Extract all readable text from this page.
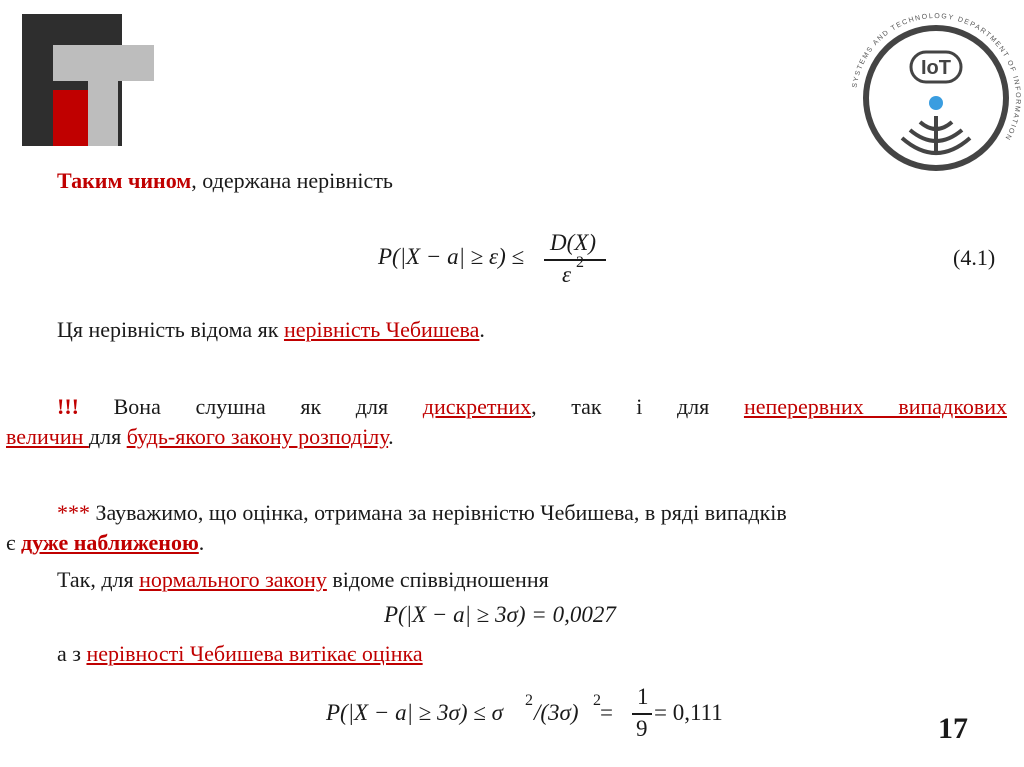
IoT
SYSTEMS AND TECHNOLOGY DEPARTMENT OF INFORMATION
Таким чином, одержана нерівність
P(|X − a| ≥ ε) ≤
D(X)
ε 2	(4.1)
Ця нерівність відома як нерівність Чебишева.
!!! Вона слушна як для дискретних, так і для неперервних випадкових
величин для будь-якого закону розподілу.
*** Зауважимо, що оцінка, отримана за нерівністю Чебишева, в ряді випадків
є дуже наближеною.
Так, для нормального закону відоме співвідношення
P(|X − a| ≥ 3σ) = 0,0027
а з нерівності Чебишева витікає оцінка
P(|X − a| ≥ 3σ) ≤ σ 2 /(3σ) 2 =
1
9
= 0,111	17
